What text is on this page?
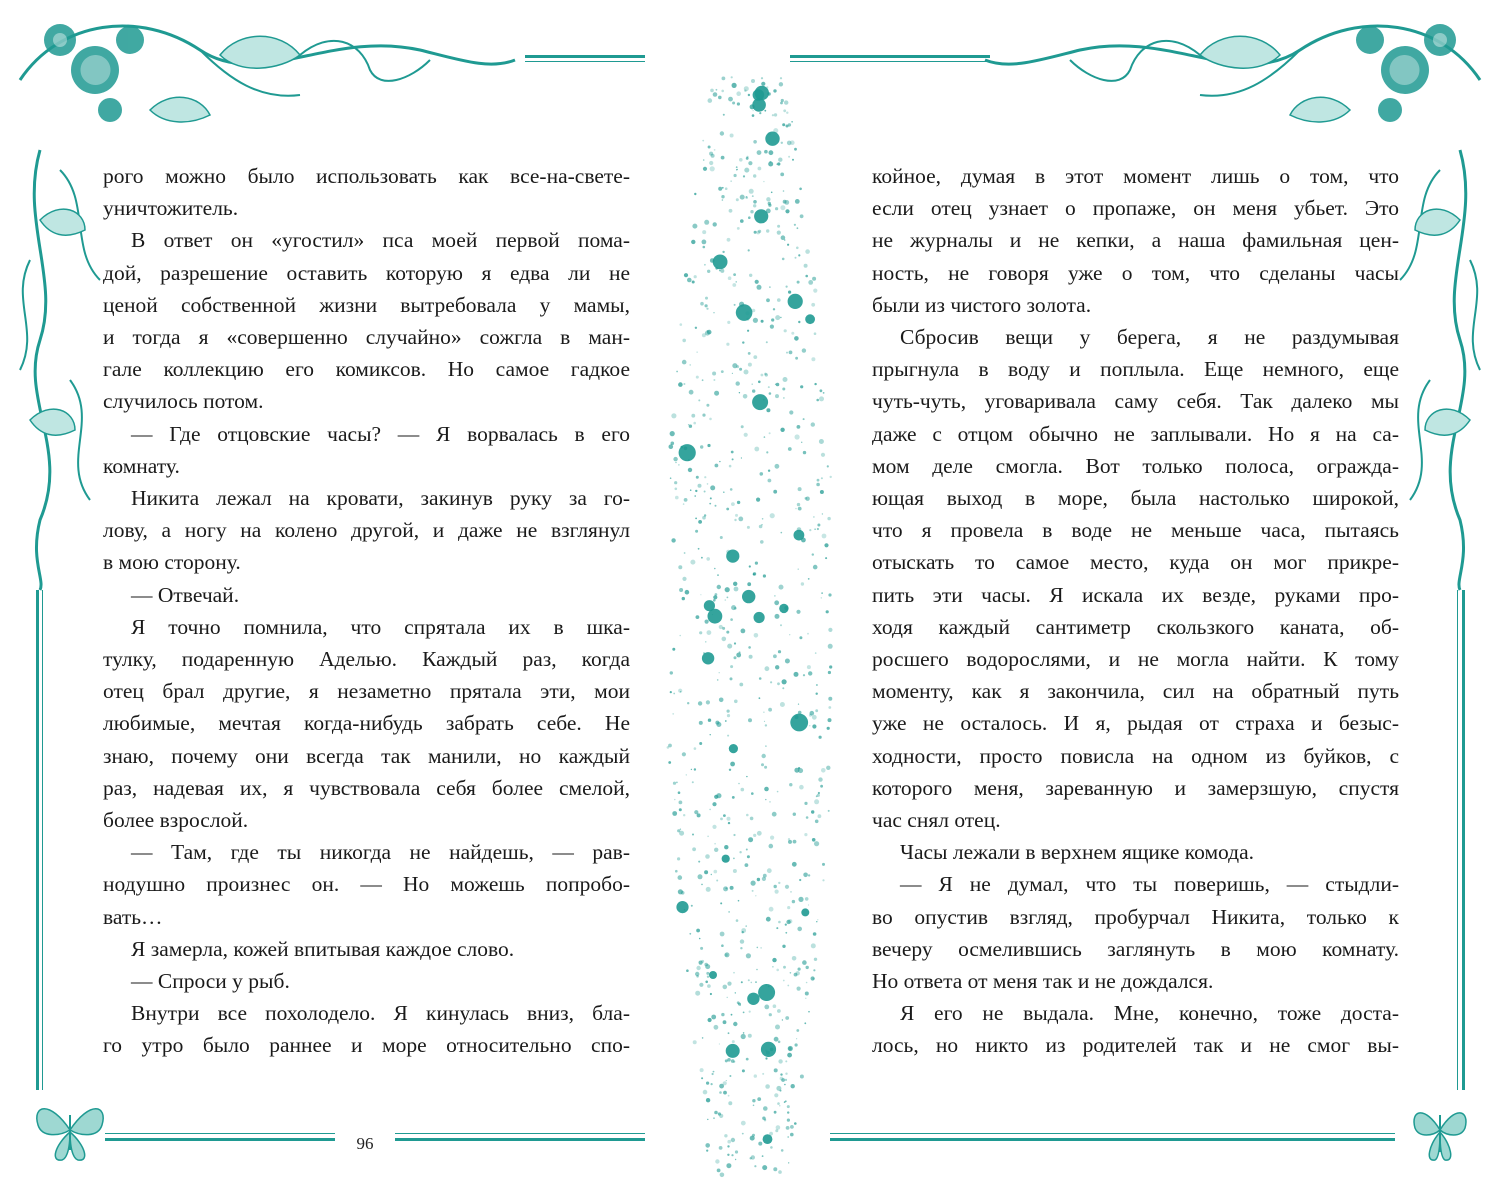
рого можно было использовать как все-на-свете-

уничтожитель.

В ответ он «угостил» пса моей первой пома-

дой, разрешение оставить которую я едва ли не

ценой собственной жизни вытребовала у мамы,

и тогда я «совершенно случайно» сожгла в ман-

гале коллекцию его комиксов. Но самое гадкое

случилось потом.

— Где отцовские часы? — Я ворвалась в его

комнату.

Никита лежал на кровати, закинув руку за го-

лову, а ногу на колено другой, и даже не взглянул

в мою сторону.

— Отвечай.

Я точно помнила, что спрятала их в шка-

тулку, подаренную Аделью. Каждый раз, когда

отец брал другие, я незаметно прятала эти, мои

любимые, мечтая когда-нибудь забрать себе. Не

знаю, почему они всегда так манили, но каждый

раз, надевая их, я чувствовала себя более смелой,

более взрослой.

— Там, где ты никогда не найдешь, — рав-

нодушно произнес он. — Но можешь попробо-

вать…

Я замерла, кожей впитывая каждое слово.

— Спроси у рыб.

Внутри все похолодело. Я кинулась вниз, бла-

го утро было раннее и море относительно спо-

койное, думая в этот момент лишь о том, что

если отец узнает о пропаже, он меня убьет. Это

не журналы и не кепки, а наша фамильная цен-

ность, не говоря уже о том, что сделаны часы

были из чистого золота.

Сбросив вещи у берега, я не раздумывая

прыгнула в воду и поплыла. Еще немного, еще

чуть-чуть, уговаривала саму себя. Так далеко мы

даже с отцом обычно не заплывали. Но я на са-

мом деле смогла. Вот только полоса, огражда-

ющая выход в море, была настолько широкой,

что я провела в воде не меньше часа, пытаясь

отыскать то самое место, куда он мог прикре-

пить эти часы. Я искала их везде, руками про-

ходя каждый сантиметр скользкого каната, об-

росшего водорослями, и не могла найти. К тому

моменту, как я закончила, сил на обратный путь

уже не осталось. И я, рыдая от страха и безыс-

ходности, просто повисла на одном из буйков, с

которого меня, зареванную и замерзшую, спустя

час снял отец.

Часы лежали в верхнем ящике комода.

— Я не думал, что ты поверишь, — стыдли-

во опустив взгляд, пробурчал Никита, только к

вечеру осмелившись заглянуть в мою комнату.

Но ответа от меня так и не дождался.

Я его не выдала. Мне, конечно, тоже доста-

лось, но никто из родителей так и не смог вы-

96
